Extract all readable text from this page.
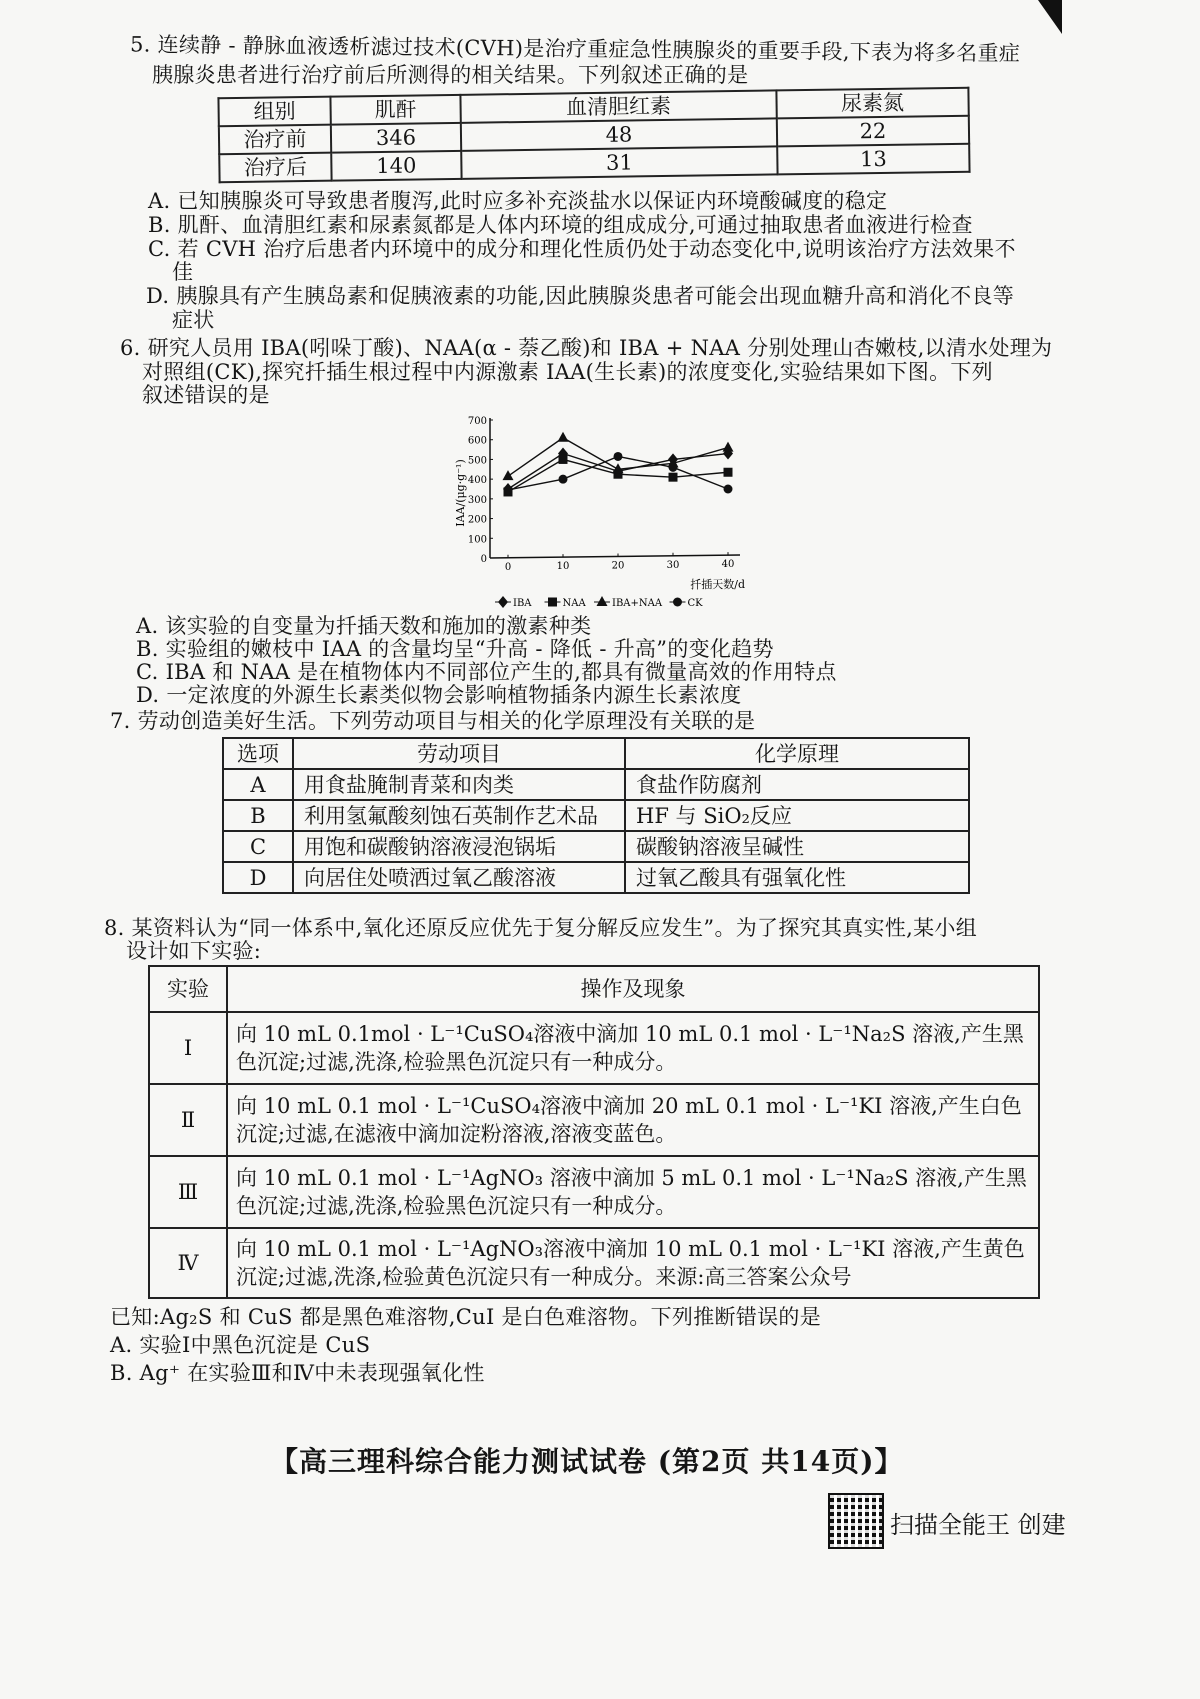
5. 连续静 - 静脉血液透析滤过技术(CVH)是治疗重症急性胰腺炎的重要手段,下表为将多名重症
胰腺炎患者进行治疗前后所测得的相关结果。下列叙述正确的是
组别	肌酐	血清胆红素	尿素氮
治疗前	346	48	22
治疗后	140	31	13
A. 已知胰腺炎可导致患者腹泻,此时应多补充淡盐水以保证内环境酸碱度的稳定
B. 肌酐、血清胆红素和尿素氮都是人体内环境的组成成分,可通过抽取患者血液进行检查
C. 若 CVH 治疗后患者内环境中的成分和理化性质仍处于动态变化中,说明该治疗方法效果不
佳
D. 胰腺具有产生胰岛素和促胰液素的功能,因此胰腺炎患者可能会出现血糖升高和消化不良等
症状
6. 研究人员用 IBA(吲哚丁酸)、NAA(α - 萘乙酸)和 IBA + NAA 分别处理山杏嫩枝,以清水处理为
对照组(CK),探究扦插生根过程中内源激素 IAA(生长素)的浓度变化,实验结果如下图。下列
叙述错误的是
IAA/(μg·g⁻¹)
扦插天数/d
0
100
200
300
400
500
600
700
0	10	20	30	40
IBA	NAA	IBA+NAA	CK
A. 该实验的自变量为扦插天数和施加的激素种类
B. 实验组的嫩枝中 IAA 的含量均呈“升高 - 降低 - 升高”的变化趋势
C. IBA 和 NAA 是在植物体内不同部位产生的,都具有微量高效的作用特点
D. 一定浓度的外源生长素类似物会影响植物插条内源生长素浓度
7. 劳动创造美好生活。下列劳动项目与相关的化学原理没有关联的是
选项	劳动项目	化学原理
A	用食盐腌制青菜和肉类	食盐作防腐剂
B	利用氢氟酸刻蚀石英制作艺术品	HF 与 SiO₂反应
C	用饱和碳酸钠溶液浸泡锅垢	碳酸钠溶液呈碱性
D	向居住处喷洒过氧乙酸溶液	过氧乙酸具有强氧化性
8. 某资料认为“同一体系中,氧化还原反应优先于复分解反应发生”。为了探究其真实性,某小组
设计如下实验:
实验	操作及现象
Ⅰ	向 10 mL 0.1mol · L⁻¹CuSO₄溶液中滴加 10 mL 0.1 mol · L⁻¹Na₂S 溶液,产生黑色沉淀;过滤,洗涤,检验黑色沉淀只有一种成分。
Ⅱ	向 10 mL 0.1 mol · L⁻¹CuSO₄溶液中滴加 20 mL 0.1 mol · L⁻¹KI 溶液,产生白色沉淀;过滤,在滤液中滴加淀粉溶液,溶液变蓝色。
Ⅲ	向 10 mL 0.1 mol · L⁻¹AgNO₃ 溶液中滴加 5 mL 0.1 mol · L⁻¹Na₂S 溶液,产生黑色沉淀;过滤,洗涤,检验黑色沉淀只有一种成分。
Ⅳ	向 10 mL 0.1 mol · L⁻¹AgNO₃溶液中滴加 10 mL 0.1 mol · L⁻¹KI 溶液,产生黄色沉淀;过滤,洗涤,检验黄色沉淀只有一种成分。来源:高三答案公众号
已知:Ag₂S 和 CuS 都是黑色难溶物,CuI 是白色难溶物。下列推断错误的是
A. 实验Ⅰ中黑色沉淀是 CuS
B. Ag⁺ 在实验Ⅲ和Ⅳ中未表现强氧化性
【高三理科综合能力测试试卷 (第2页 共14页)】
扫描全能王 创建
